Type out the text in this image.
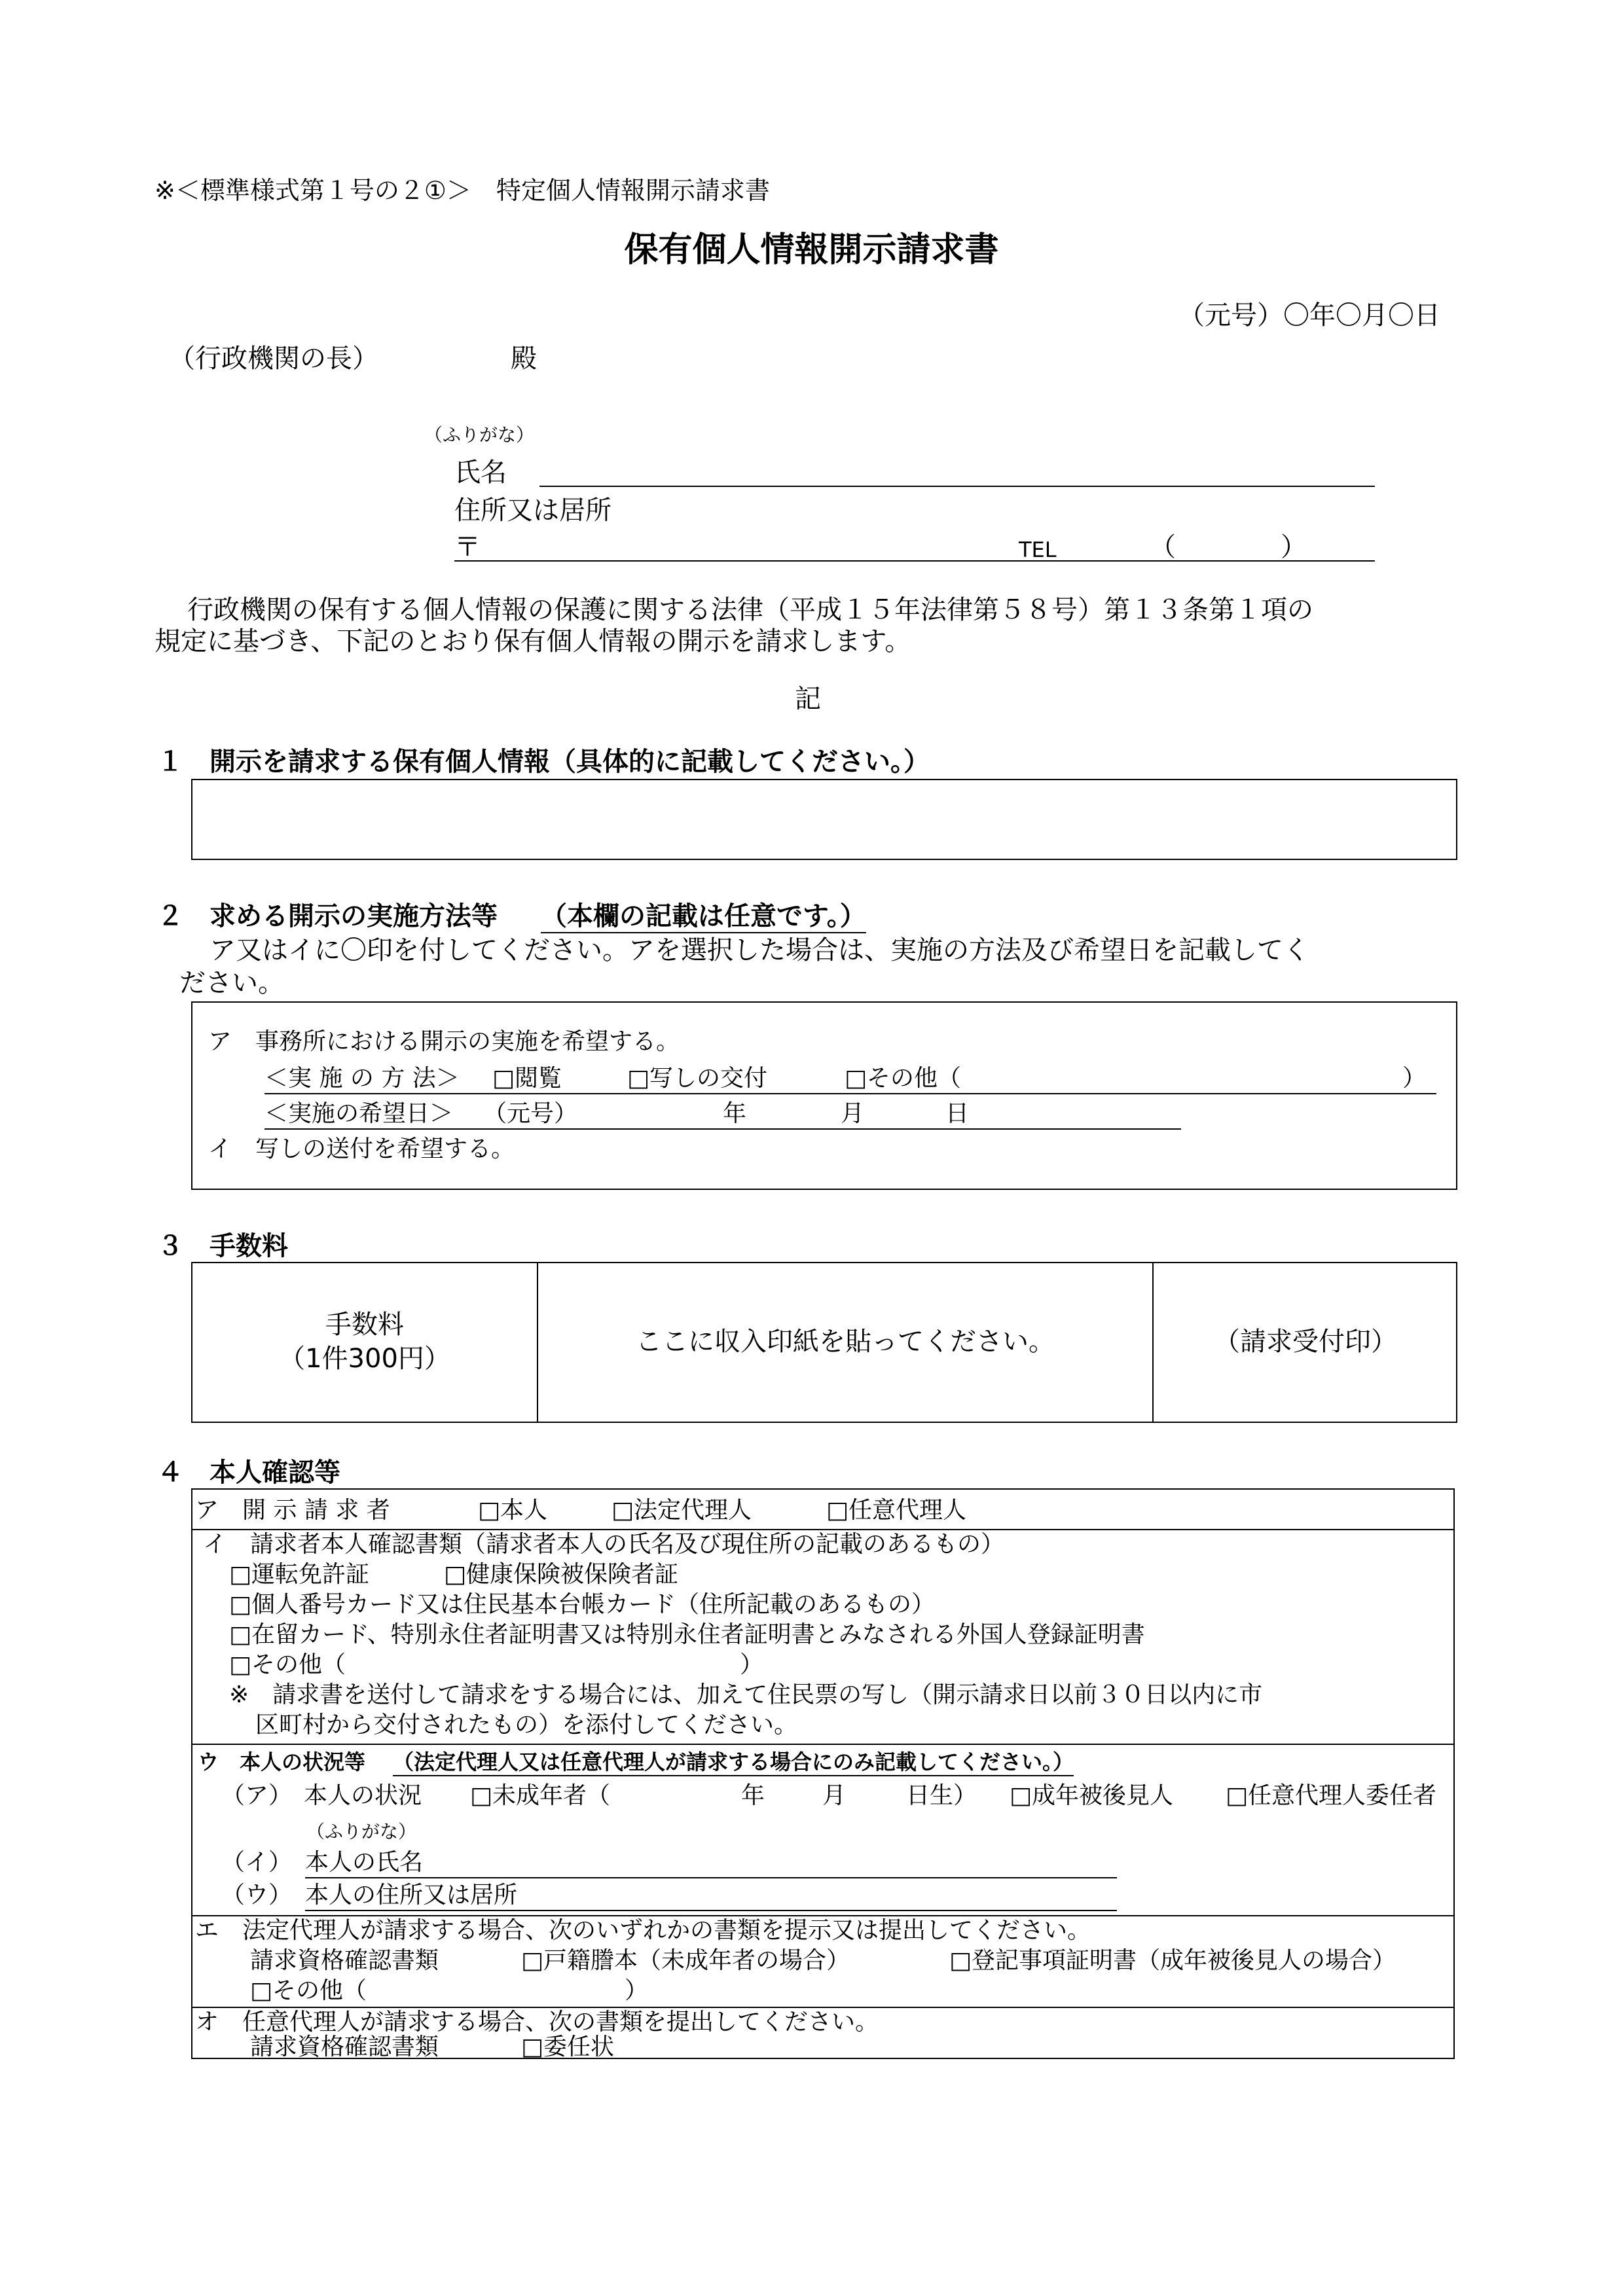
※＜標準様式第１号の２①＞　特定個人情報開示請求書
保有個人情報開示請求書
（元号）〇年〇月〇日
（行政機関の長）	殿
（ふりがな）
氏名
住所又は居所
〒	TEL	（　　　　）
行政機関の保有する個人情報の保護に関する法律（平成１５年法律第５８号）第１３条第１項の
規定に基づき、下記のとおり保有個人情報の開示を請求します。
記
１　開示を請求する保有個人情報（具体的に記載してください。）
２　求める開示の実施方法等 （本欄の記載は任意です。）
ア又はイに〇印を付してください。アを選択した場合は、実施の方法及び希望日を記載してく
ださい。
ア　事務所における開示の実施を希望する。
＜実 施 の 方 法＞ □閲覧	□写しの交付	□その他（	）
＜実施の希望日＞ （元号）	年	月	日
イ　写しの送付を希望する。
３　手数料
手数料
（1件300円）
ここに収入印紙を貼ってください。	（請求受付印）
４　本人確認等
ア　開 示 請 求 者	□本人	□法定代理人	□任意代理人
イ　請求者本人確認書類（請求者本人の氏名及び現住所の記載のあるもの）
□運転免許証	□健康保険被保険者証
□個人番号カード又は住民基本台帳カード（住所記載のあるもの）
□在留カード、特別永住者証明書又は特別永住者証明書とみなされる外国人登録証明書
□その他（	）
※　請求書を送付して請求をする場合には、加えて住民票の写し（開示請求日以前３０日以内に市
区町村から交付されたもの）を添付してください。
ウ　本人の状況等 （法定代理人又は任意代理人が請求する場合にのみ記載してください。）
（ア）　本人の状況 □未成年者（	年 月	日生） □成年被後見人 □任意代理人委任者
（ふりがな）
（イ） 本人の氏名
（ウ） 本人の住所又は居所
エ　法定代理人が請求する場合、次のいずれかの書類を提示又は提出してください。
請求資格確認書類	□戸籍謄本（未成年者の場合）	□登記事項証明書（成年被後見人の場合）
□その他（	）
オ　任意代理人が請求する場合、次の書類を提出してください。
請求資格確認書類	□委任状
